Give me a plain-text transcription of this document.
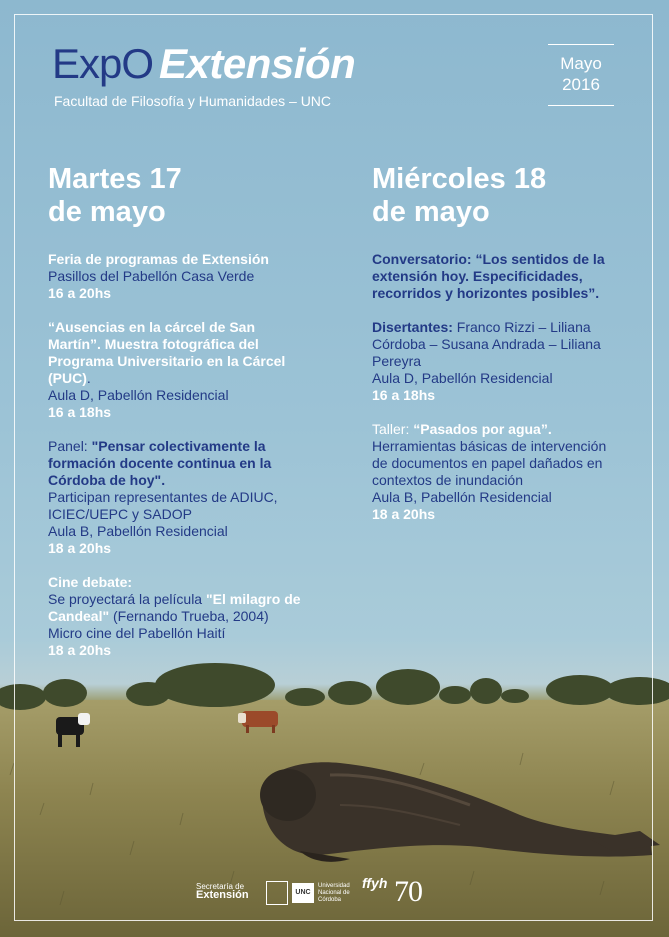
ExpO Extensión
Facultad de Filosofía y Humanidades – UNC
Mayo
2016
Martes 17
de mayo
Feria de programas de Extensión
Pasillos del Pabellón Casa Verde
16 a 20hs
“Ausencias en la cárcel de San Martín”. Muestra fotográfica del Programa Universitario en la Cárcel (PUC).
Aula D, Pabellón Residencial
16 a 18hs
Panel: "Pensar colectivamente la formación docente continua en la Córdoba de hoy".
Participan representantes de ADIUC, ICIEC/UEPC y SADOP
Aula B, Pabellón Residencial
18 a 20hs
Cine debate:
Se proyectará la película "El milagro de Candeal" (Fernando Trueba, 2004)
Micro cine del Pabellón Haití
18 a 20hs
Miércoles 18
de mayo
Conversatorio: “Los sentidos de la extensión hoy. Especificidades, recorridos y horizontes posibles”.
Disertantes: Franco Rizzi – Liliana Córdoba – Susana Andrada – Liliana Pereyra
Aula D, Pabellón Residencial
16 a 18hs
Taller: “Pasados por agua”.
Herramientas básicas de intervención de documentos en papel dañados en contextos de inundación
Aula B, Pabellón Residencial
18 a 20hs
Secretaría de
Extensión	UNC
Universidad Nacional de Córdoba
ffyh 70
